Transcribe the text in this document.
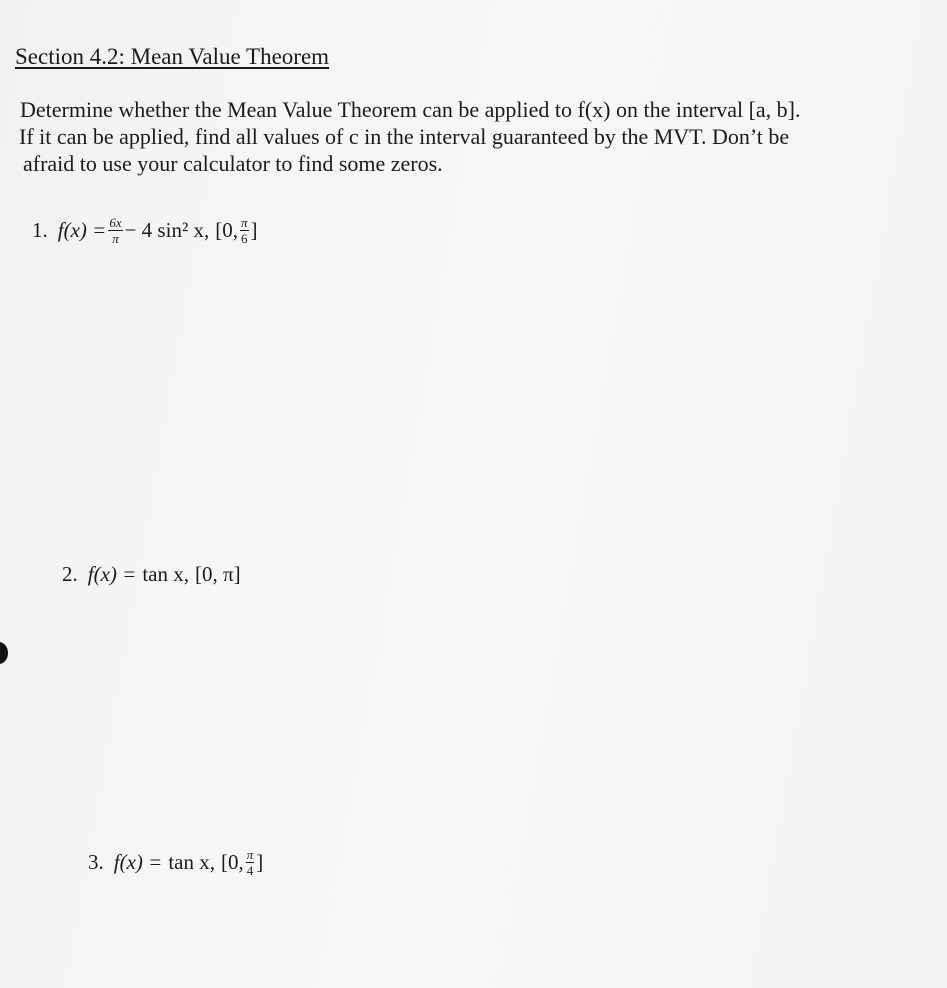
Section 4.2: Mean Value Theorem
Determine whether the Mean Value Theorem can be applied to f(x) on the interval [a, b].
If it can be applied, find all values of c in the interval guaranteed by the MVT. Don’t be
afraid to use your calculator to find some zeros.
1. $f(x) = \frac{6x}{\pi} - 4$ sin² x, [0, $\frac{\pi}{6}$ ]
2. f(x) = tan x, [0, π]
3. f(x) = tan x, [0, $\frac{\pi}{4}$ ]
